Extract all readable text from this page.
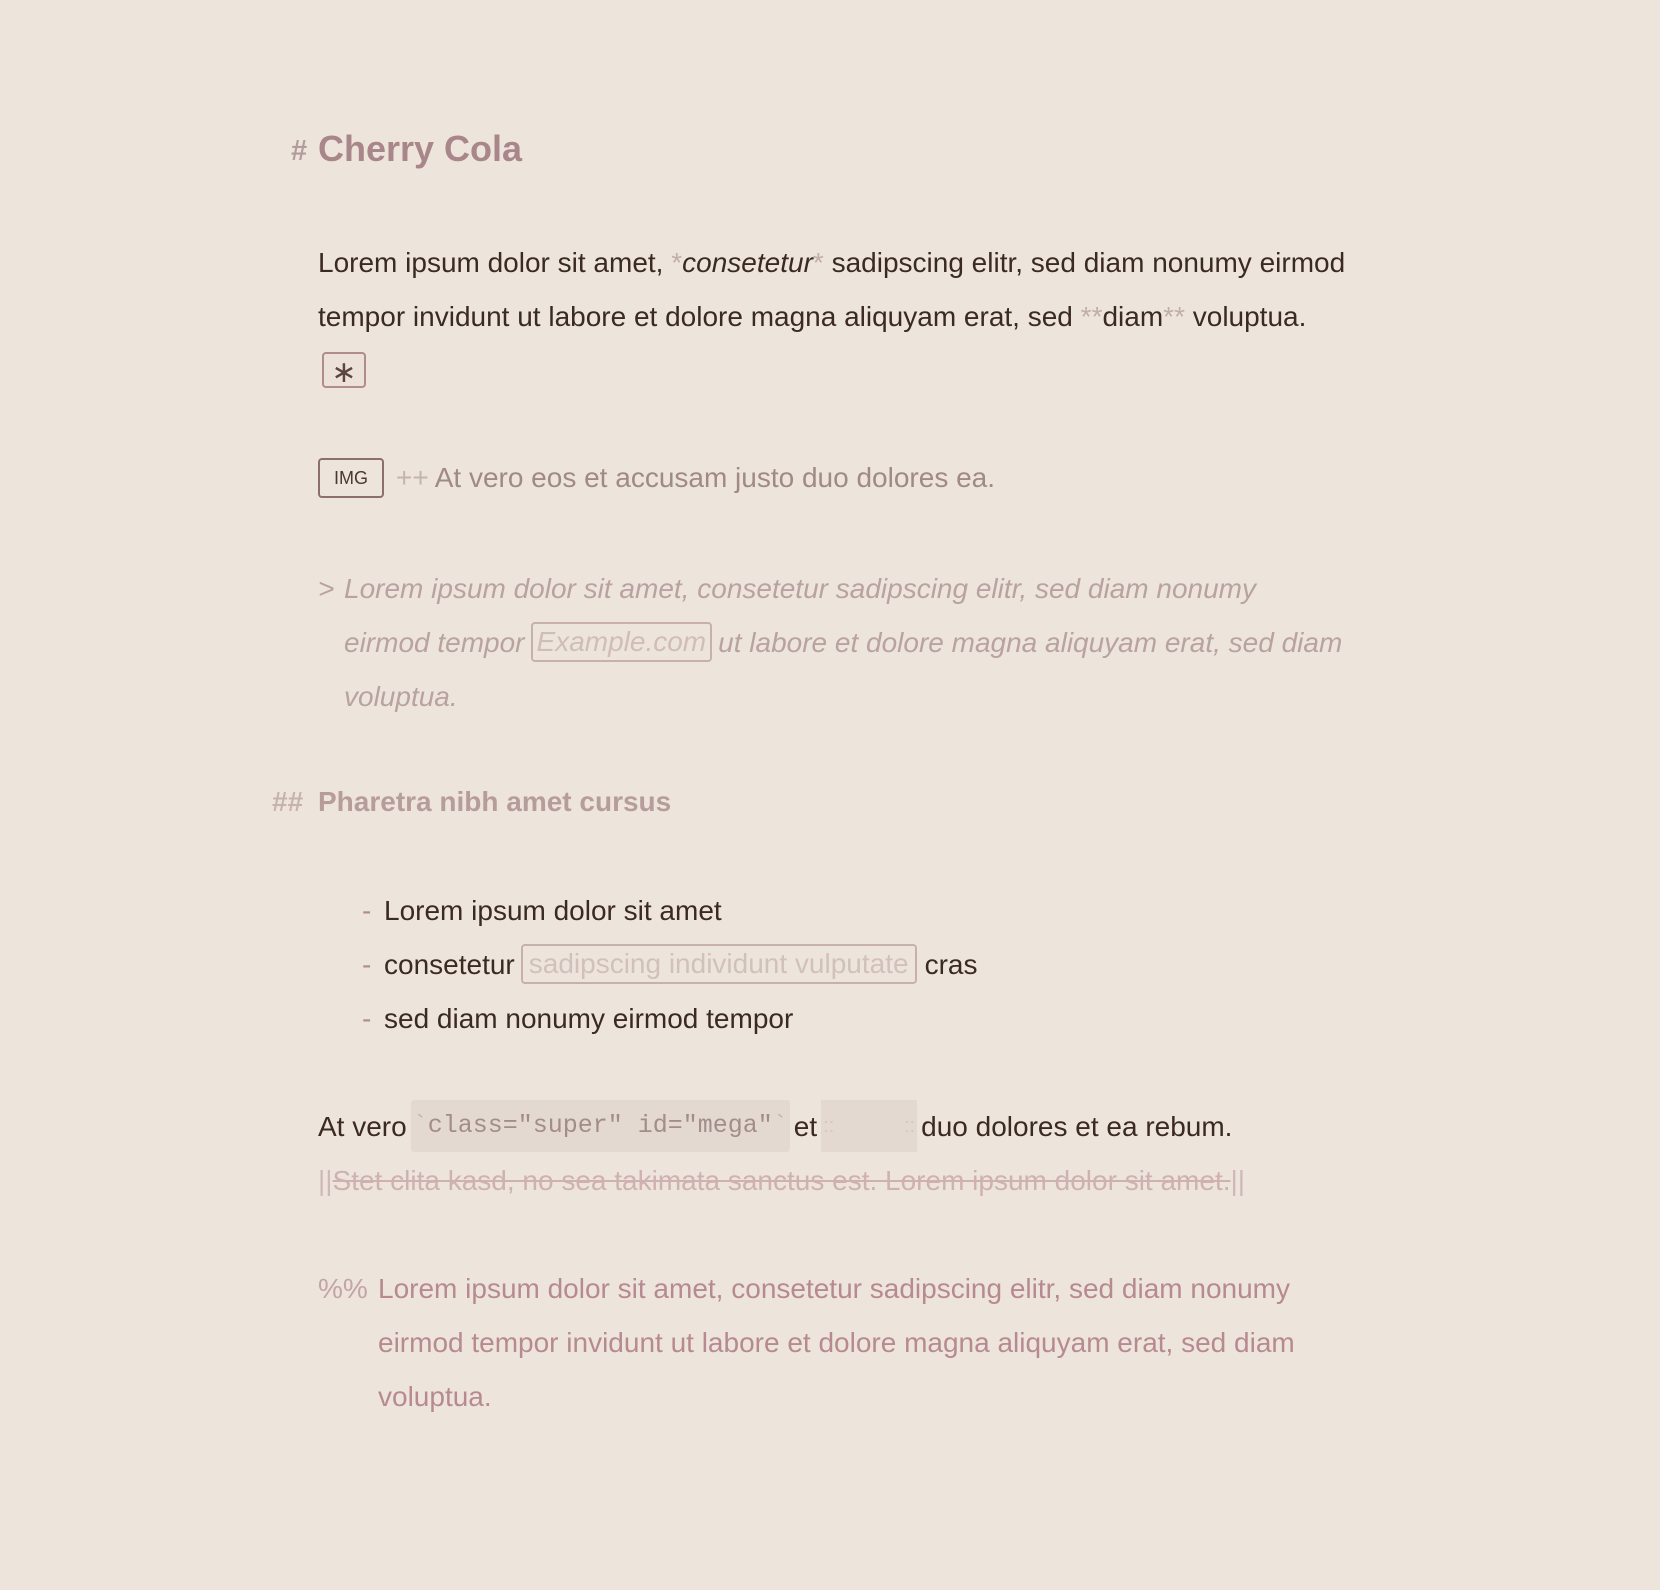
# Cherry Cola
Lorem ipsum dolor sit amet, *consetetur* sadipscing elitr, sed diam nonumy eirmod tempor invidunt ut labore et dolore magna aliquyam erat, sed **diam** voluptua.∗
IMG ++ At vero eos et accusam justo duo dolores ea.
> Lorem ipsum dolor sit amet, consetetur sadipscing elitr, sed diam nonumy eirmod tempor Example.com ut labore et dolore magna aliquyam erat, sed diam voluptua.
## Pharetra nibh amet cursus
- Lorem ipsum dolor sit amet
- consetetur sadipscing individunt vulputate cras
- sed diam nonumy eirmod tempor
At vero `class="super" id="mega"` et ::	:: duo dolores et ea rebum.
||Stet clita kasd, no sea takimata sanctus est. Lorem ipsum dolor sit amet.||
%% Lorem ipsum dolor sit amet, consetetur sadipscing elitr, sed diam nonumy eirmod tempor invidunt ut labore et dolore magna aliquyam erat, sed diam voluptua.
